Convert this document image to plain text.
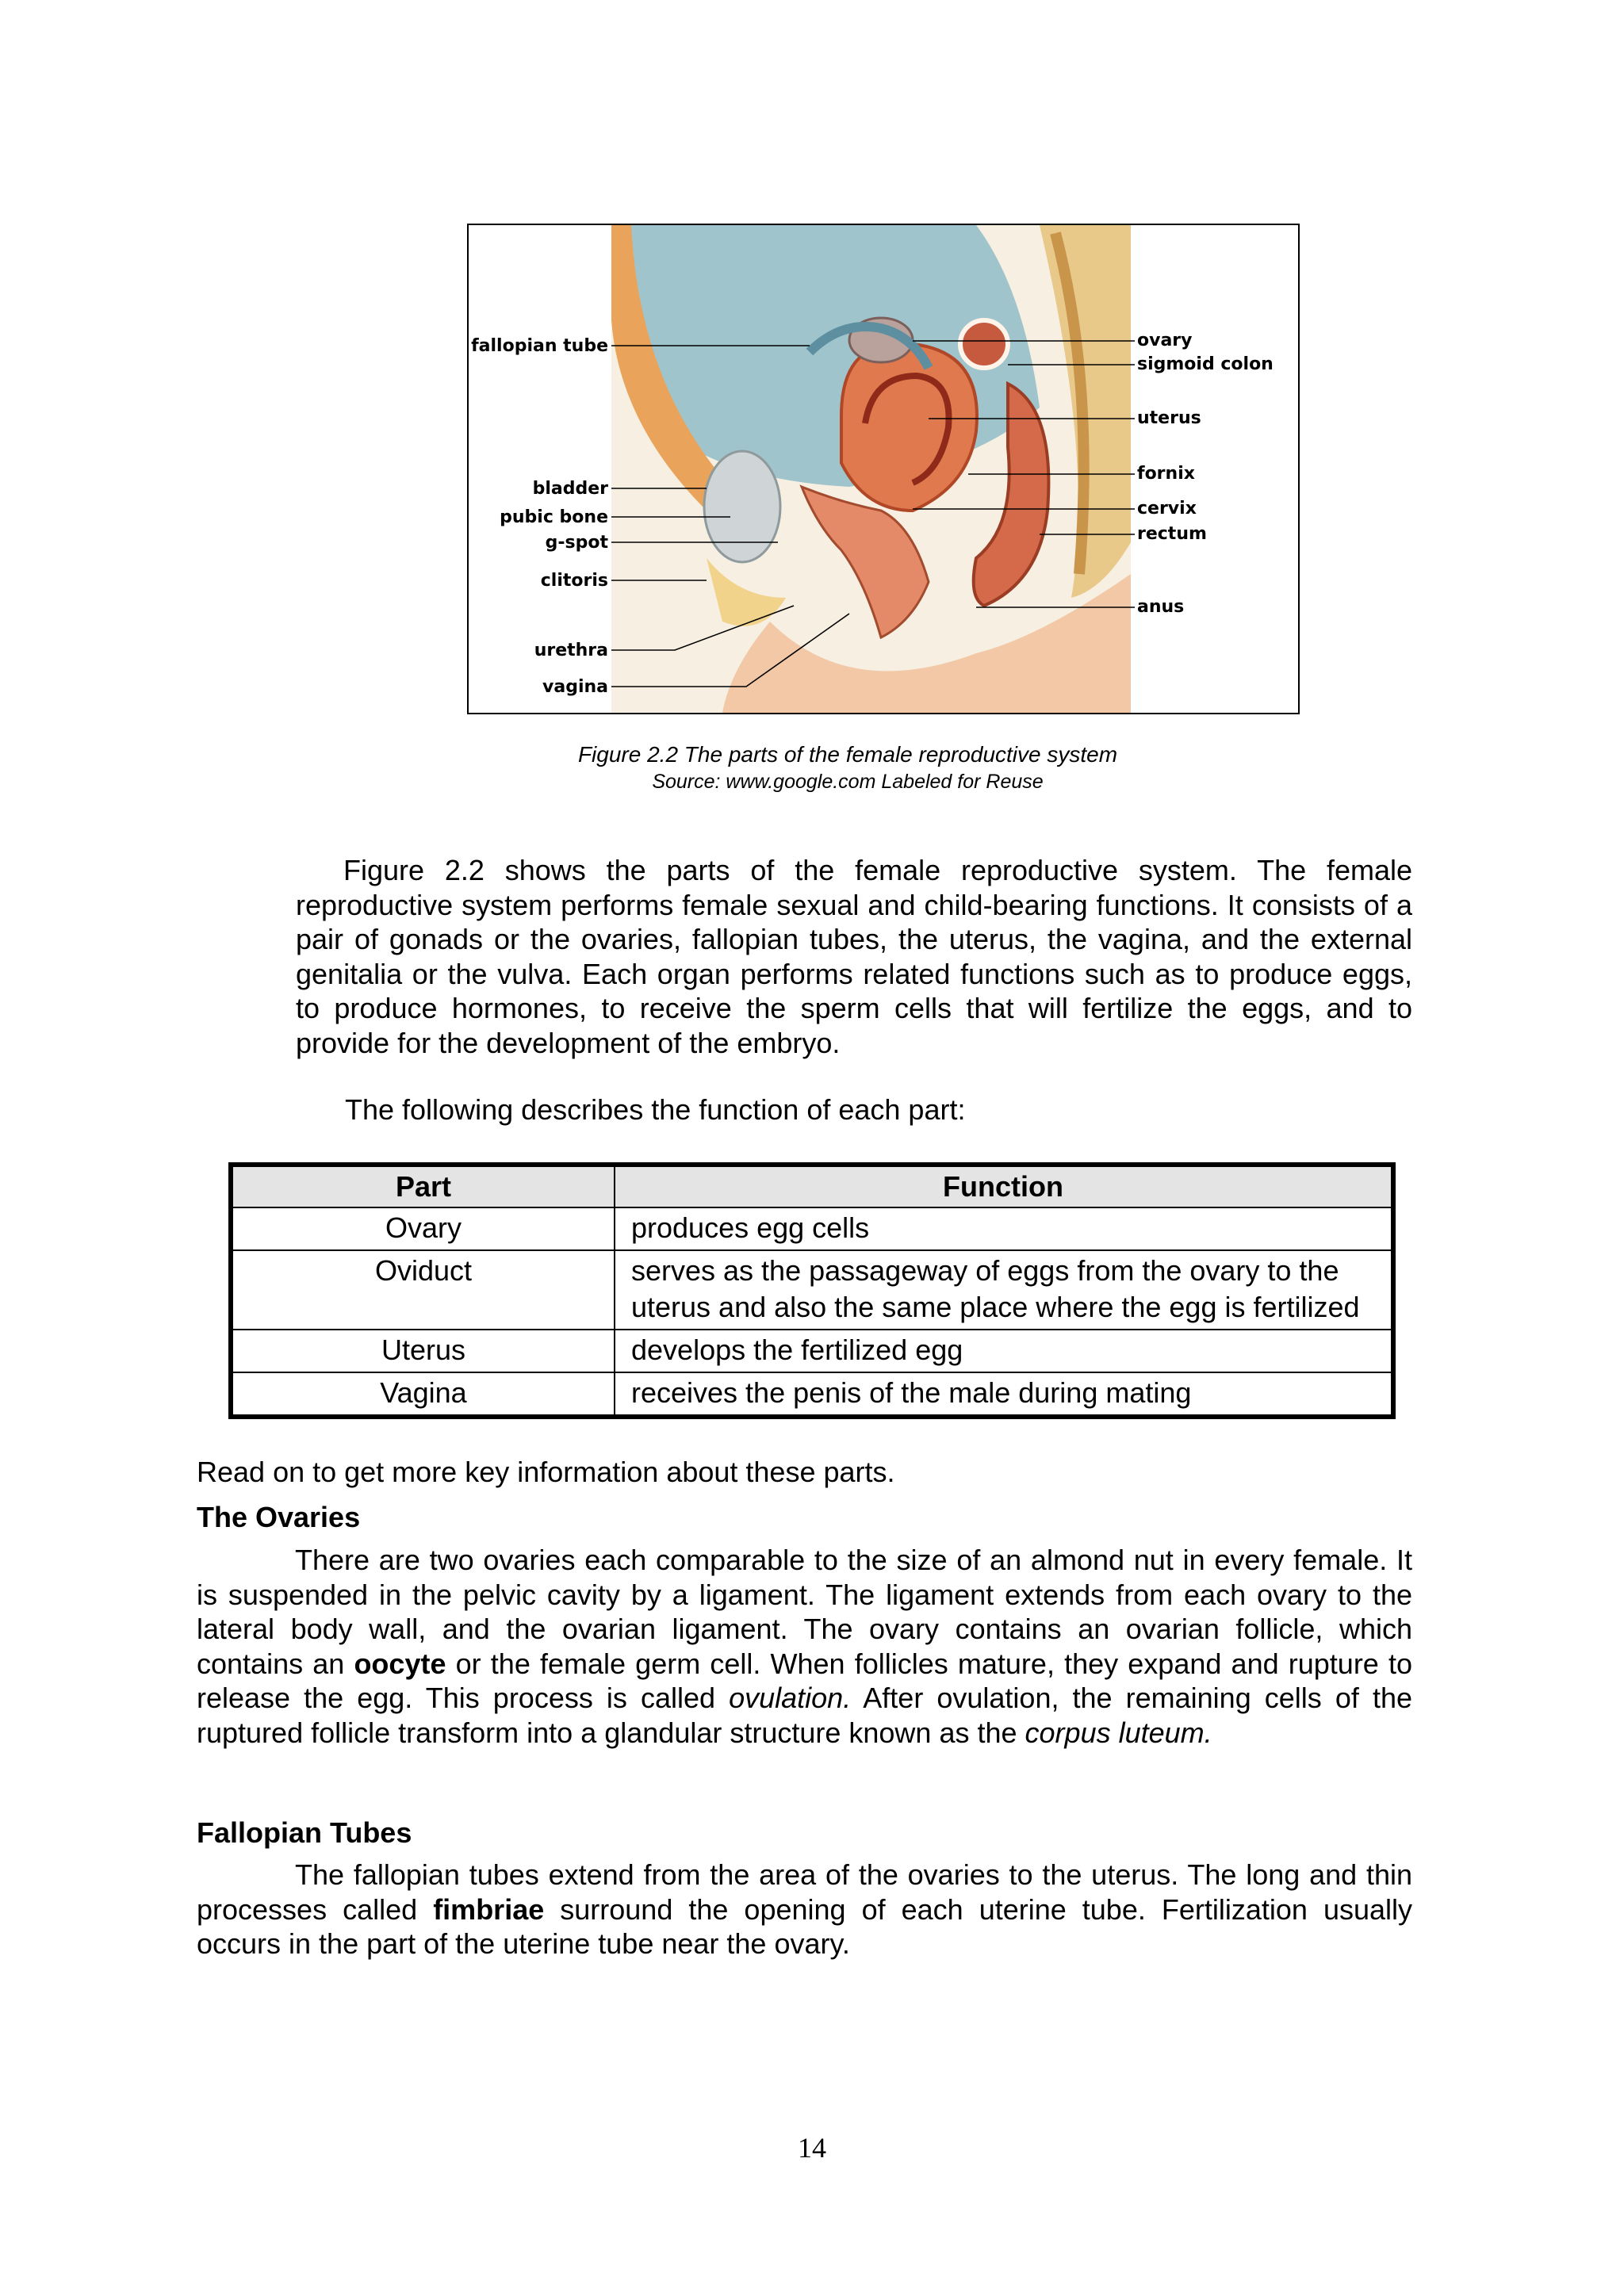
fallopian tube
bladder
pubic bone
g-spot
clitoris
urethra
vagina
ovary
sigmoid colon
uterus
fornix
cervix
rectum
anus
Figure 2.2 The parts of the female reproductive system
Source: www.google.com Labeled for Reuse
Figure 2.2 shows the parts of the female reproductive system. The female reproductive system performs female sexual and child-bearing functions. It consists of a pair of gonads or the ovaries, fallopian tubes, the uterus, the vagina, and the external genitalia or the vulva. Each organ performs related functions such as to produce eggs, to produce hormones, to receive the sperm cells that will fertilize the eggs, and to provide for the development of the embryo.
The following describes the function of each part:
Part	Function
Ovary	produces egg cells
Oviduct	serves as the passageway of eggs from the ovary to the uterus and also the same place where the egg is fertilized
Uterus	develops the fertilized egg
Vagina	receives the penis of the male during mating
Read on to get more key information about these parts.
The Ovaries
There are two ovaries each comparable to the size of an almond nut in every female. It is suspended in the pelvic cavity by a ligament. The ligament extends from each ovary to the lateral body wall, and the ovarian ligament. The ovary contains an ovarian follicle, which contains an oocyte or the female germ cell. When follicles mature, they expand and rupture to release the egg. This process is called ovulation. After ovulation, the remaining cells of the ruptured follicle transform into a glandular structure known as the corpus luteum.
Fallopian Tubes
The fallopian tubes extend from the area of the ovaries to the uterus. The long and thin processes called fimbriae surround the opening of each uterine tube. Fertilization usually occurs in the part of the uterine tube near the ovary.
14
